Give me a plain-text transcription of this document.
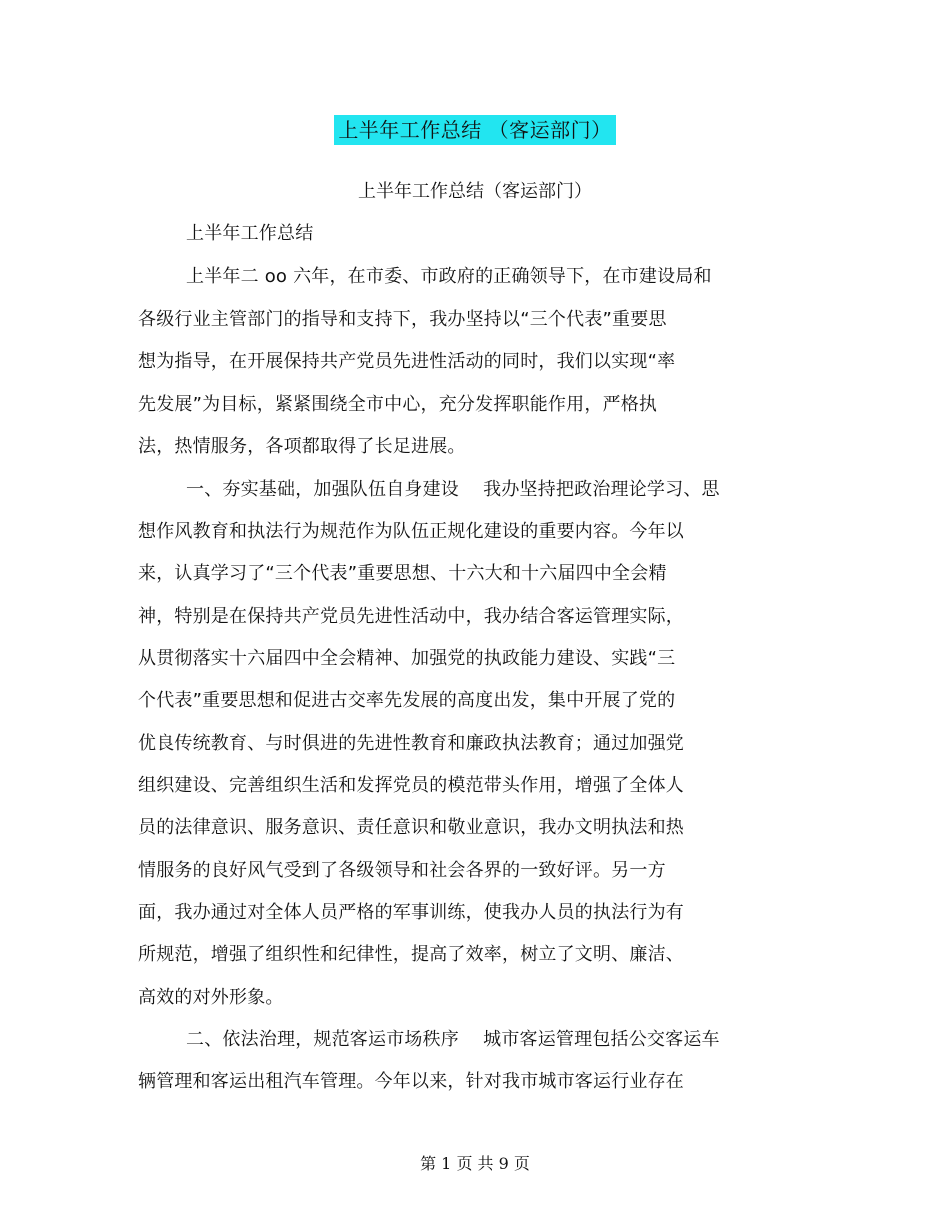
上半年工作总结 （客运部门）
上半年工作总结（客运部门）
上半年工作总结
上半年二 oo 六年，在市委、市政府的正确领导下，在市建设局和
各级行业主管部门的指导和支持下，我办坚持以“三个代表”重要思
想为指导，在开展保持共产党员先进性活动的同时，我们以实现“率
先发展”为目标，紧紧围绕全市中心，充分发挥职能作用，严格执
法，热情服务，各项都取得了长足进展。
一、夯实基础，加强队伍自身建设 　我办坚持把政治理论学习、思
想作风教育和执法行为规范作为队伍正规化建设的重要内容。今年以
来，认真学习了“三个代表”重要思想、十六大和十六届四中全会精
神，特别是在保持共产党员先进性活动中，我办结合客运管理实际，
从贯彻落实十六届四中全会精神、加强党的执政能力建设、实践“三
个代表”重要思想和促进古交率先发展的高度出发，集中开展了党的
优良传统教育、与时俱进的先进性教育和廉政执法教育；通过加强党
组织建设、完善组织生活和发挥党员的模范带头作用，增强了全体人
员的法律意识、服务意识、责任意识和敬业意识，我办文明执法和热
情服务的良好风气受到了各级领导和社会各界的一致好评。另一方
面，我办通过对全体人员严格的军事训练，使我办人员的执法行为有
所规范，增强了组织性和纪律性，提高了效率，树立了文明、廉洁、
高效的对外形象。
二、依法治理，规范客运市场秩序 　城市客运管理包括公交客运车
辆管理和客运出租汽车管理。今年以来，针对我市城市客运行业存在
第 1 页 共 9 页
